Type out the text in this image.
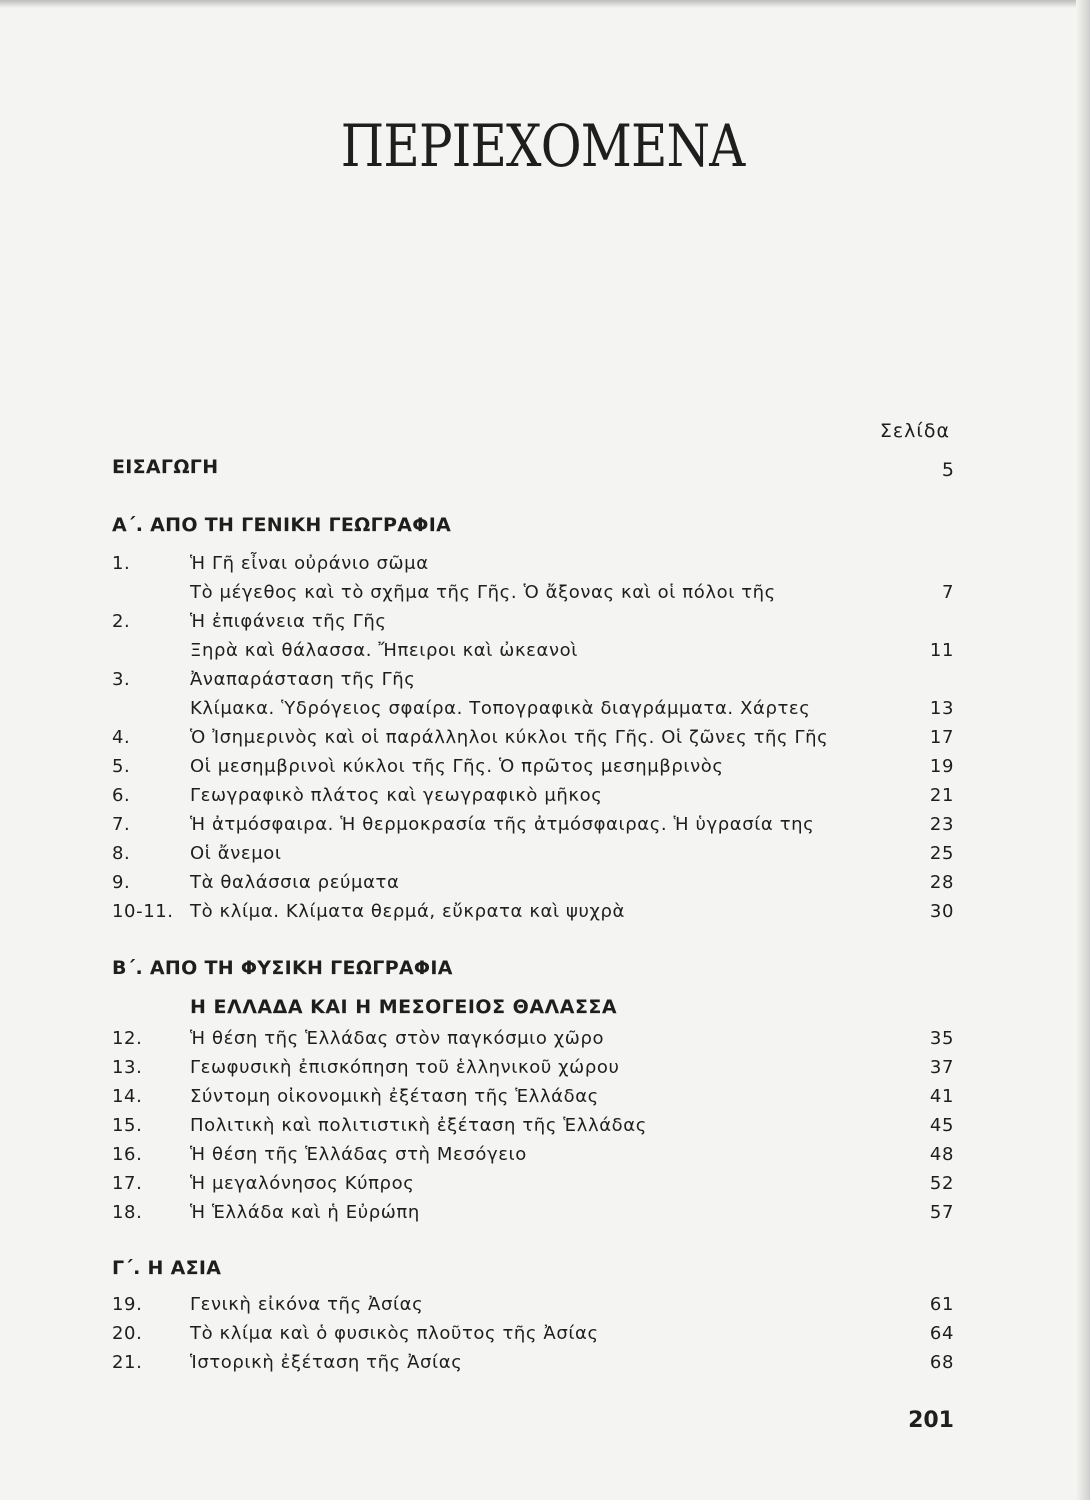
ΠΕΡΙΕΧΟΜΕΝΑ
Σελίδα
ΕΙΣΑΓΩΓΗ	5
Α΄. ΑΠΟ ΤΗ ΓΕΝΙΚΗ ΓΕΩΓΡΑΦΙΑ
1.	Ἡ Γῆ εἶναι οὐράνιο σῶμα
Τὸ μέγεθος καὶ τὸ σχῆμα τῆς Γῆς. Ὁ ἄξονας καὶ οἱ πόλοι τῆς	7
2.	Ἡ ἐπιφάνεια τῆς Γῆς
Ξηρὰ καὶ θάλασσα. Ἤπειροι καὶ ὠκεανοὶ	11
3.	Ἀναπαράσταση τῆς Γῆς
Κλίμακα. Ὑδρόγειος σφαίρα. Τοπογραφικὰ διαγράμματα. Χάρτες	13
4.	Ὁ Ἰσημερινὸς καὶ οἱ παράλληλοι κύκλοι τῆς Γῆς. Οἱ ζῶνες τῆς Γῆς	17
5.	Οἱ μεσημβρινοὶ κύκλοι τῆς Γῆς. Ὁ πρῶτος μεσημβρινὸς	19
6.	Γεωγραφικὸ πλάτος καὶ γεωγραφικὸ μῆκος	21
7.	Ἡ ἀτμόσφαιρα. Ἡ θερμοκρασία τῆς ἀτμόσφαιρας. Ἡ ὑγρασία της	23
8.	Οἱ ἄνεμοι	25
9.	Τὰ θαλάσσια ρεύματα	28
10-11. Τὸ κλίμα. Κλίματα θερμά, εὔκρατα καὶ ψυχρὰ	30
Β΄. ΑΠΟ ΤΗ ΦΥΣΙΚΗ ΓΕΩΓΡΑΦΙΑ
Η ΕΛΛΑΔΑ ΚΑΙ Η ΜΕΣΟΓΕΙΟΣ ΘΑΛΑΣΣΑ
12.	Ἡ θέση τῆς Ἑλλάδας στὸν παγκόσμιο χῶρο	35
13.	Γεωφυσικὴ ἐπισκόπηση τοῦ ἑλληνικοῦ χώρου	37
14.	Σύντομη οἰκονομικὴ ἐξέταση τῆς Ἑλλάδας	41
15.	Πολιτικὴ καὶ πολιτιστικὴ ἐξέταση τῆς Ἑλλάδας	45
16.	Ἡ θέση τῆς Ἑλλάδας στὴ Μεσόγειο	48
17.	Ἡ μεγαλόνησος Κύπρος	52
18.	Ἡ Ἑλλάδα καὶ ἡ Εὐρώπη	57
Γ΄. Η ΑΣΙΑ
19.	Γενικὴ εἰκόνα τῆς Ἀσίας	61
20.	Τὸ κλίμα καὶ ὁ φυσικὸς πλοῦτος τῆς Ἀσίας	64
21.	Ἱστορικὴ ἐξέταση τῆς Ἀσίας	68
201
